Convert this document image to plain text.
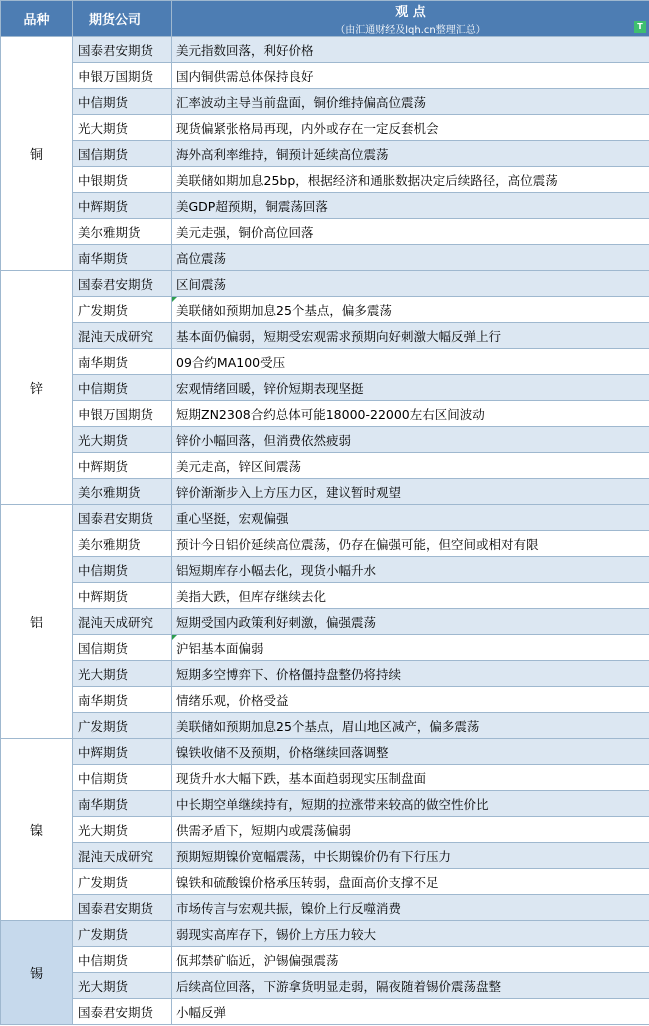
品种	期货公司	观 点
（由汇通财经及lqh.cn整理汇总） T

铜	国泰君安期货	美元指数回落，利好价格
	申银万国期货	国内铜供需总体保持良好
	中信期货	汇率波动主导当前盘面，铜价维持偏高位震荡
	光大期货	现货偏紧张格局再现，内外或存在一定反套机会
	国信期货	海外高利率维持，铜预计延续高位震荡
	中银期货	美联储如期加息25bp，根据经济和通胀数据决定后续路径，高位震荡
	中辉期货	美GDP超预期，铜震荡回落
	美尔雅期货	美元走强，铜价高位回落
	南华期货	高位震荡
锌	国泰君安期货	区间震荡
	广发期货	美联储如预期加息25个基点，偏多震荡

	混沌天成研究	基本面仍偏弱，短期受宏观需求预期向好刺激大幅反弹上行
	南华期货	09合约MA100受压
	中信期货	宏观情绪回暖，锌价短期表现坚挺
	申银万国期货	短期ZN2308合约总体可能18000-22000左右区间波动
	光大期货	锌价小幅回落，但消费依然疲弱
	中辉期货	美元走高，锌区间震荡
	美尔雅期货	锌价渐渐步入上方压力区，建议暂时观望
铝	国泰君安期货	重心坚挺，宏观偏强
	美尔雅期货	预计今日铝价延续高位震荡，仍存在偏强可能，但空间或相对有限
	中信期货	铝短期库存小幅去化，现货小幅升水
	中辉期货	美指大跌，但库存继续去化
	混沌天成研究	短期受国内政策利好刺激，偏强震荡
	国信期货	沪铝基本面偏弱

	光大期货	短期多空博弈下、价格僵持盘整仍将持续
	南华期货	情绪乐观，价格受益
	广发期货	美联储如预期加息25个基点，眉山地区减产，偏多震荡
镍	中辉期货	镍铁收储不及预期，价格继续回落调整
	中信期货	现货升水大幅下跌，基本面趋弱现实压制盘面
	南华期货	中长期空单继续持有，短期的拉涨带来较高的做空性价比
	光大期货	供需矛盾下，短期内或震荡偏弱
	混沌天成研究	预期短期镍价宽幅震荡，中长期镍价仍有下行压力
	广发期货	镍铁和硫酸镍价格承压转弱，盘面高价支撑不足
	国泰君安期货	市场传言与宏观共振，镍价上行反噬消费
锡	广发期货	弱现实高库存下，锡价上方压力较大
	中信期货	佤邦禁矿临近，沪锡偏强震荡
	光大期货	后续高位回落，下游拿货明显走弱，隔夜随着锡价震荡盘整
	国泰君安期货	小幅反弹
